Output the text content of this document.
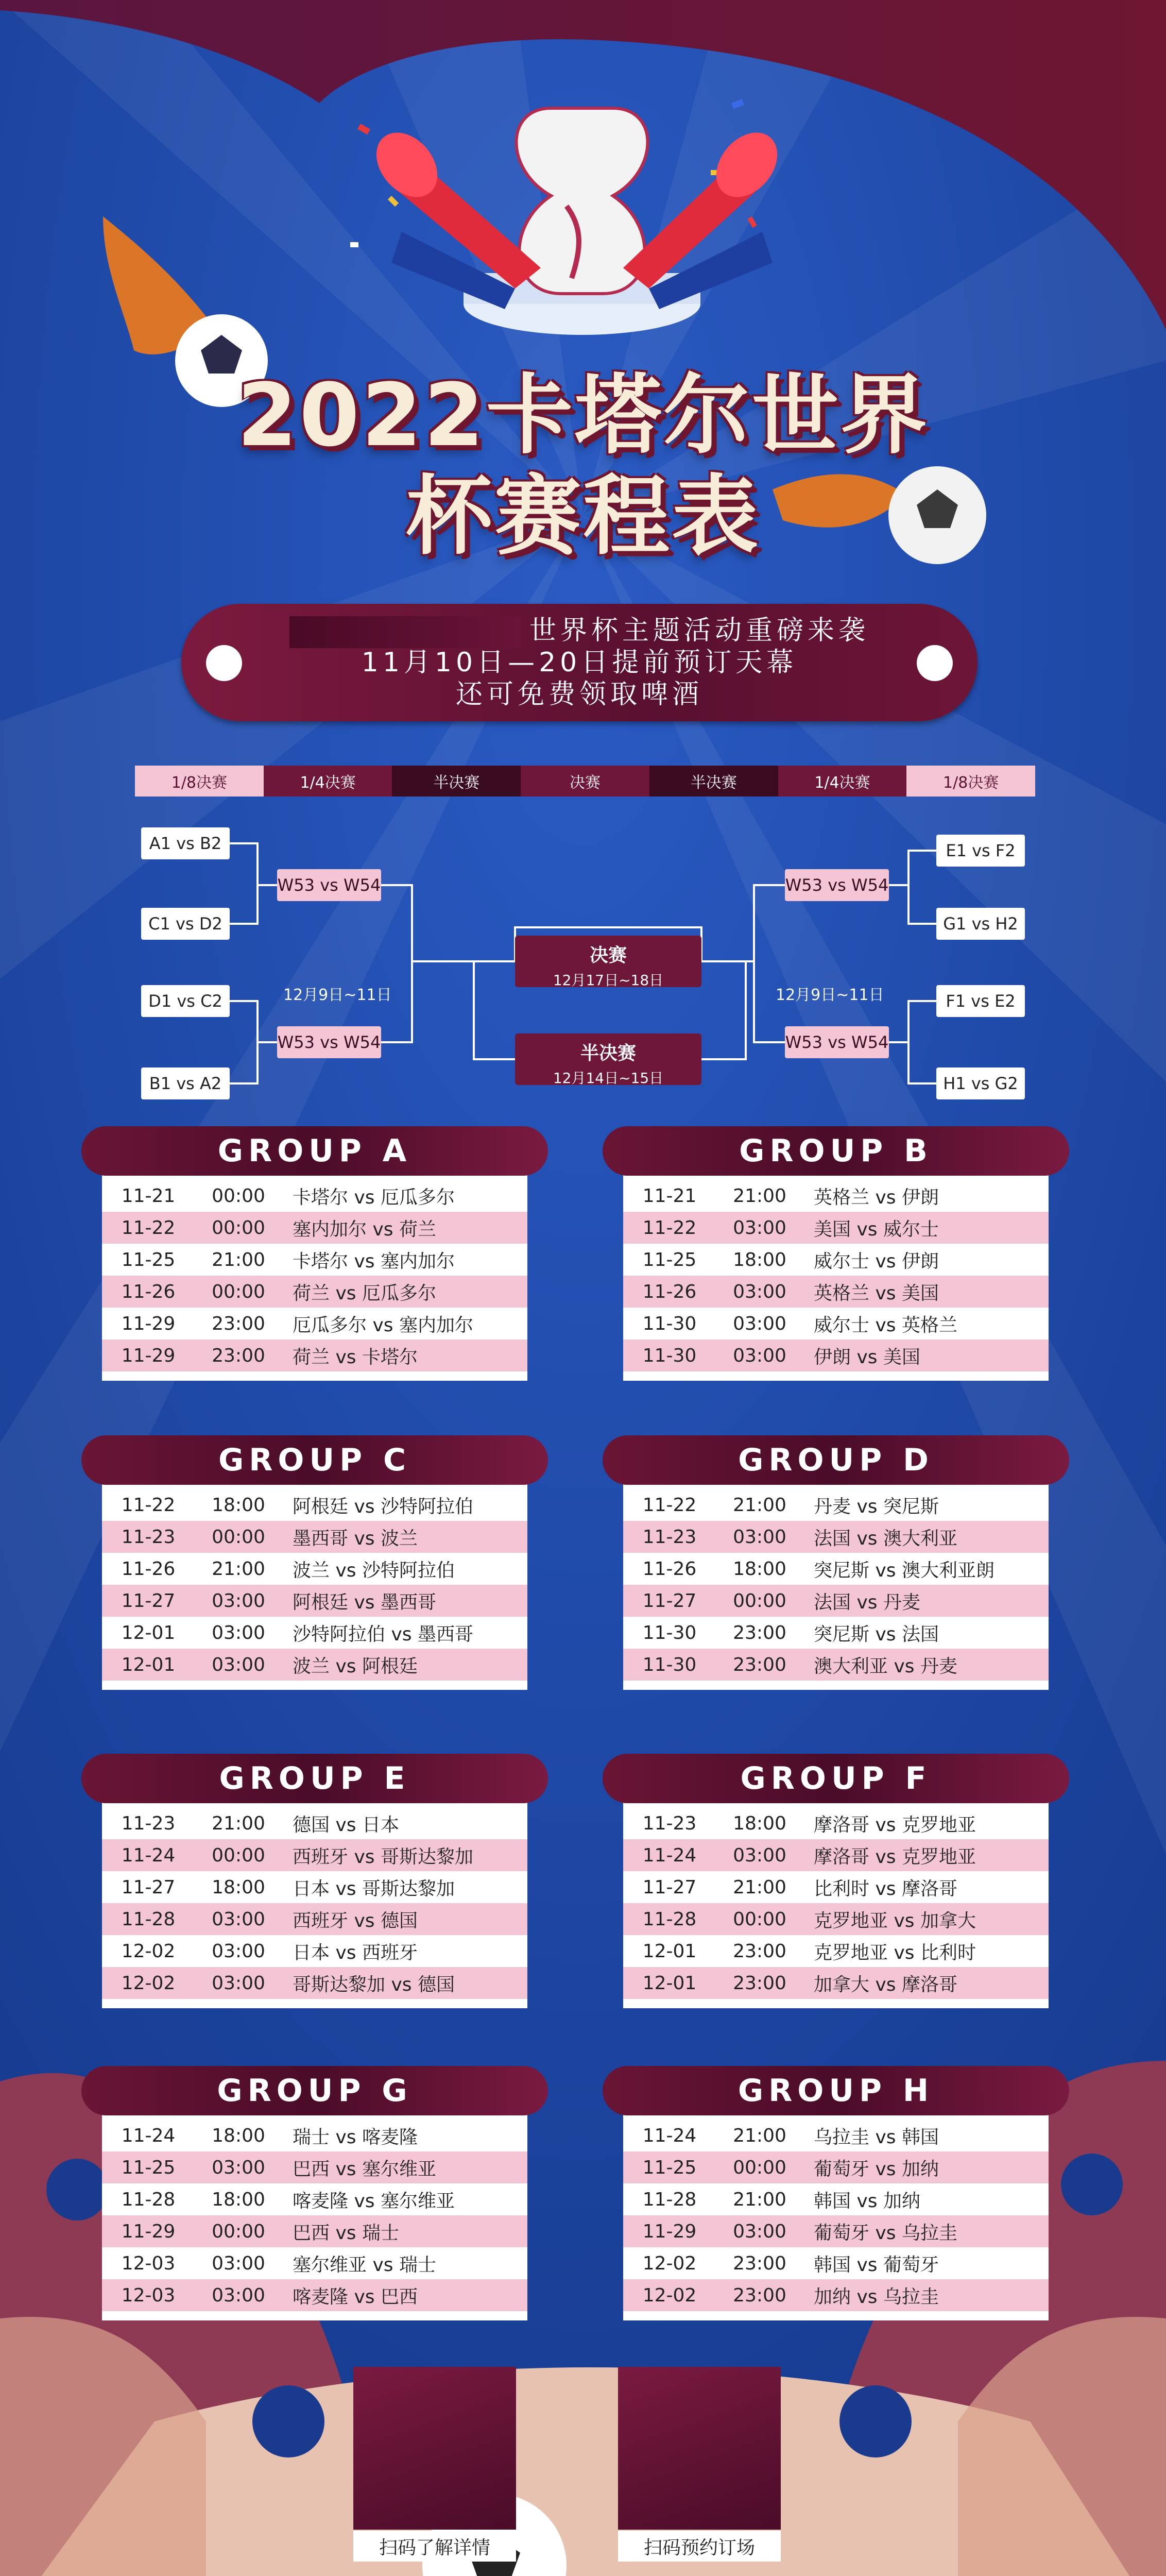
2022卡塔尔世界
杯赛程表
世界杯主题活动重磅来袭
11月10日—20日提前预订天幕
还可免费领取啤酒
1/8决赛	1/4决赛	半决赛	决赛	半决赛	1/4决赛	1/8决赛
A1 vs B2
C1 vs D2
D1 vs C2
B1 vs A2
E1 vs F2
G1 vs H2
F1 vs E2
H1 vs G2
W53 vs W54
W53 vs W54
W53 vs W54
W53 vs W54
12月9日~11日	12月9日~11日
决赛
12月17日~18日
半决赛
12月14日~15日
11-21	00:00	卡塔尔 vs 厄瓜多尔
11-22	00:00	塞内加尔 vs 荷兰
11-25	21:00	卡塔尔 vs 塞内加尔
11-26	00:00	荷兰 vs 厄瓜多尔
11-29	23:00	厄瓜多尔 vs 塞内加尔
11-29	23:00	荷兰 vs 卡塔尔
GROUP A
11-21	21:00	英格兰 vs 伊朗
11-22	03:00	美国 vs 威尔士
11-25	18:00	威尔士 vs 伊朗
11-26	03:00	英格兰 vs 美国
11-30	03:00	威尔士 vs 英格兰
11-30	03:00	伊朗 vs 美国
GROUP B
11-22	18:00	阿根廷 vs 沙特阿拉伯
11-23	00:00	墨西哥 vs 波兰
11-26	21:00	波兰 vs 沙特阿拉伯
11-27	03:00	阿根廷 vs 墨西哥
12-01	03:00	沙特阿拉伯 vs 墨西哥
12-01	03:00	波兰 vs 阿根廷
GROUP C
11-22	21:00	丹麦 vs 突尼斯
11-23	03:00	法国 vs 澳大利亚
11-26	18:00	突尼斯 vs 澳大利亚朗
11-27	00:00	法国 vs 丹麦
11-30	23:00	突尼斯 vs 法国
11-30	23:00	澳大利亚 vs 丹麦
GROUP D
11-23	21:00	德国 vs 日本
11-24	00:00	西班牙 vs 哥斯达黎加
11-27	18:00	日本 vs 哥斯达黎加
11-28	03:00	西班牙 vs 德国
12-02	03:00	日本 vs 西班牙
12-02	03:00	哥斯达黎加 vs 德国
GROUP E
11-23	18:00	摩洛哥 vs 克罗地亚
11-24	03:00	摩洛哥 vs 克罗地亚
11-27	21:00	比利时 vs 摩洛哥
11-28	00:00	克罗地亚 vs 加拿大
12-01	23:00	克罗地亚 vs 比利时
12-01	23:00	加拿大 vs 摩洛哥
GROUP F
11-24	18:00	瑞士 vs 喀麦隆
11-25	03:00	巴西 vs 塞尔维亚
11-28	18:00	喀麦隆 vs 塞尔维亚
11-29	00:00	巴西 vs 瑞士
12-03	03:00	塞尔维亚 vs 瑞士
12-03	03:00	喀麦隆 vs 巴西
GROUP G
11-24	21:00	乌拉圭 vs 韩国
11-25	00:00	葡萄牙 vs 加纳
11-28	21:00	韩国 vs 加纳
11-29	03:00	葡萄牙 vs 乌拉圭
12-02	23:00	韩国 vs 葡萄牙
12-02	23:00	加纳 vs 乌拉圭
GROUP H
扫码了解详情	扫码预约订场
